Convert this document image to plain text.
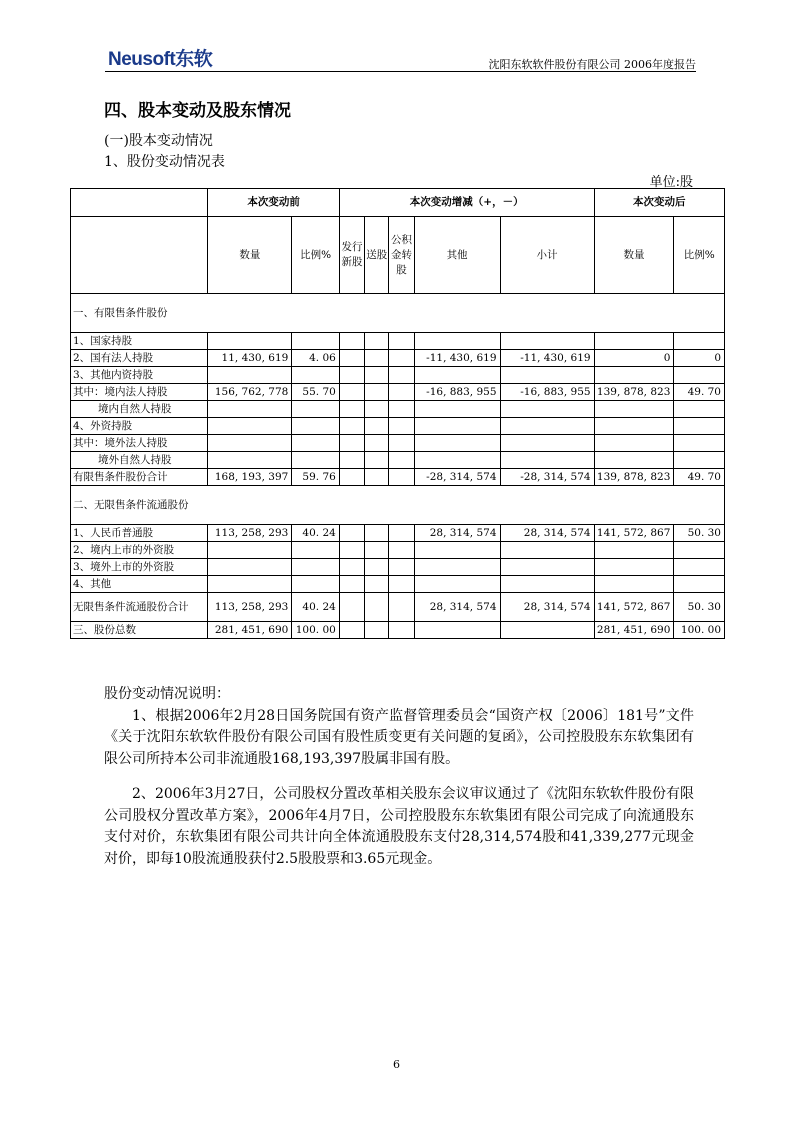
Neusoft东软	沈阳东软软件股份有限公司 2006年度报告
四、股本变动及股东情况
(一)股本变动情况
1、股份变动情况表
单位:股
	本次变动前		本次变动增减（+，－）					本次变动后	
	数量	比例%	发行新股	送股	公积金转股	其他	小计	数量	比例%
一、有限售条件股份									
1、国家持股									
2、国有法人持股	11, 430, 619	4. 06				-11, 430, 619	-11, 430, 619	0	0
3、其他内资持股									
其中：境内法人持股	156, 762, 778	55. 70				-16, 883, 955	-16, 883, 955	139, 878, 823	49. 70
境内自然人持股									
4、外资持股									
其中：境外法人持股									
境外自然人持股									
有限售条件股份合计	168, 193, 397	59. 76				-28, 314, 574	-28, 314, 574	139, 878, 823	49. 70
二、无限售条件流通股份									
1、人民币普通股	113, 258, 293	40. 24				28, 314, 574	28, 314, 574	141, 572, 867	50. 30
2、境内上市的外资股									
3、境外上市的外资股									
4、其他									
无限售条件流通股份合计	113, 258, 293	40. 24				28, 314, 574	28, 314, 574	141, 572, 867	50. 30
三、股份总数	281, 451, 690	100. 00						281, 451, 690	100. 00

股份变动情况说明：

1、根据2006年2月28日国务院国有资产监督管理委员会“国资产权〔2006〕181号”文件《关于沈阳东软软件股份有限公司国有股性质变更有关问题的复函》，公司控股股东东软集团有限公司所持本公司非流通股168,193,397股属非国有股。

2、2006年3月27日，公司股权分置改革相关股东会议审议通过了《沈阳东软软件股份有限公司股权分置改革方案》，2006年4月7日，公司控股股东东软集团有限公司完成了向流通股东支付对价，东软集团有限公司共计向全体流通股股东支付28,314,574股和41,339,277元现金对价，即每10股流通股获付2.5股股票和3.65元现金。

6
